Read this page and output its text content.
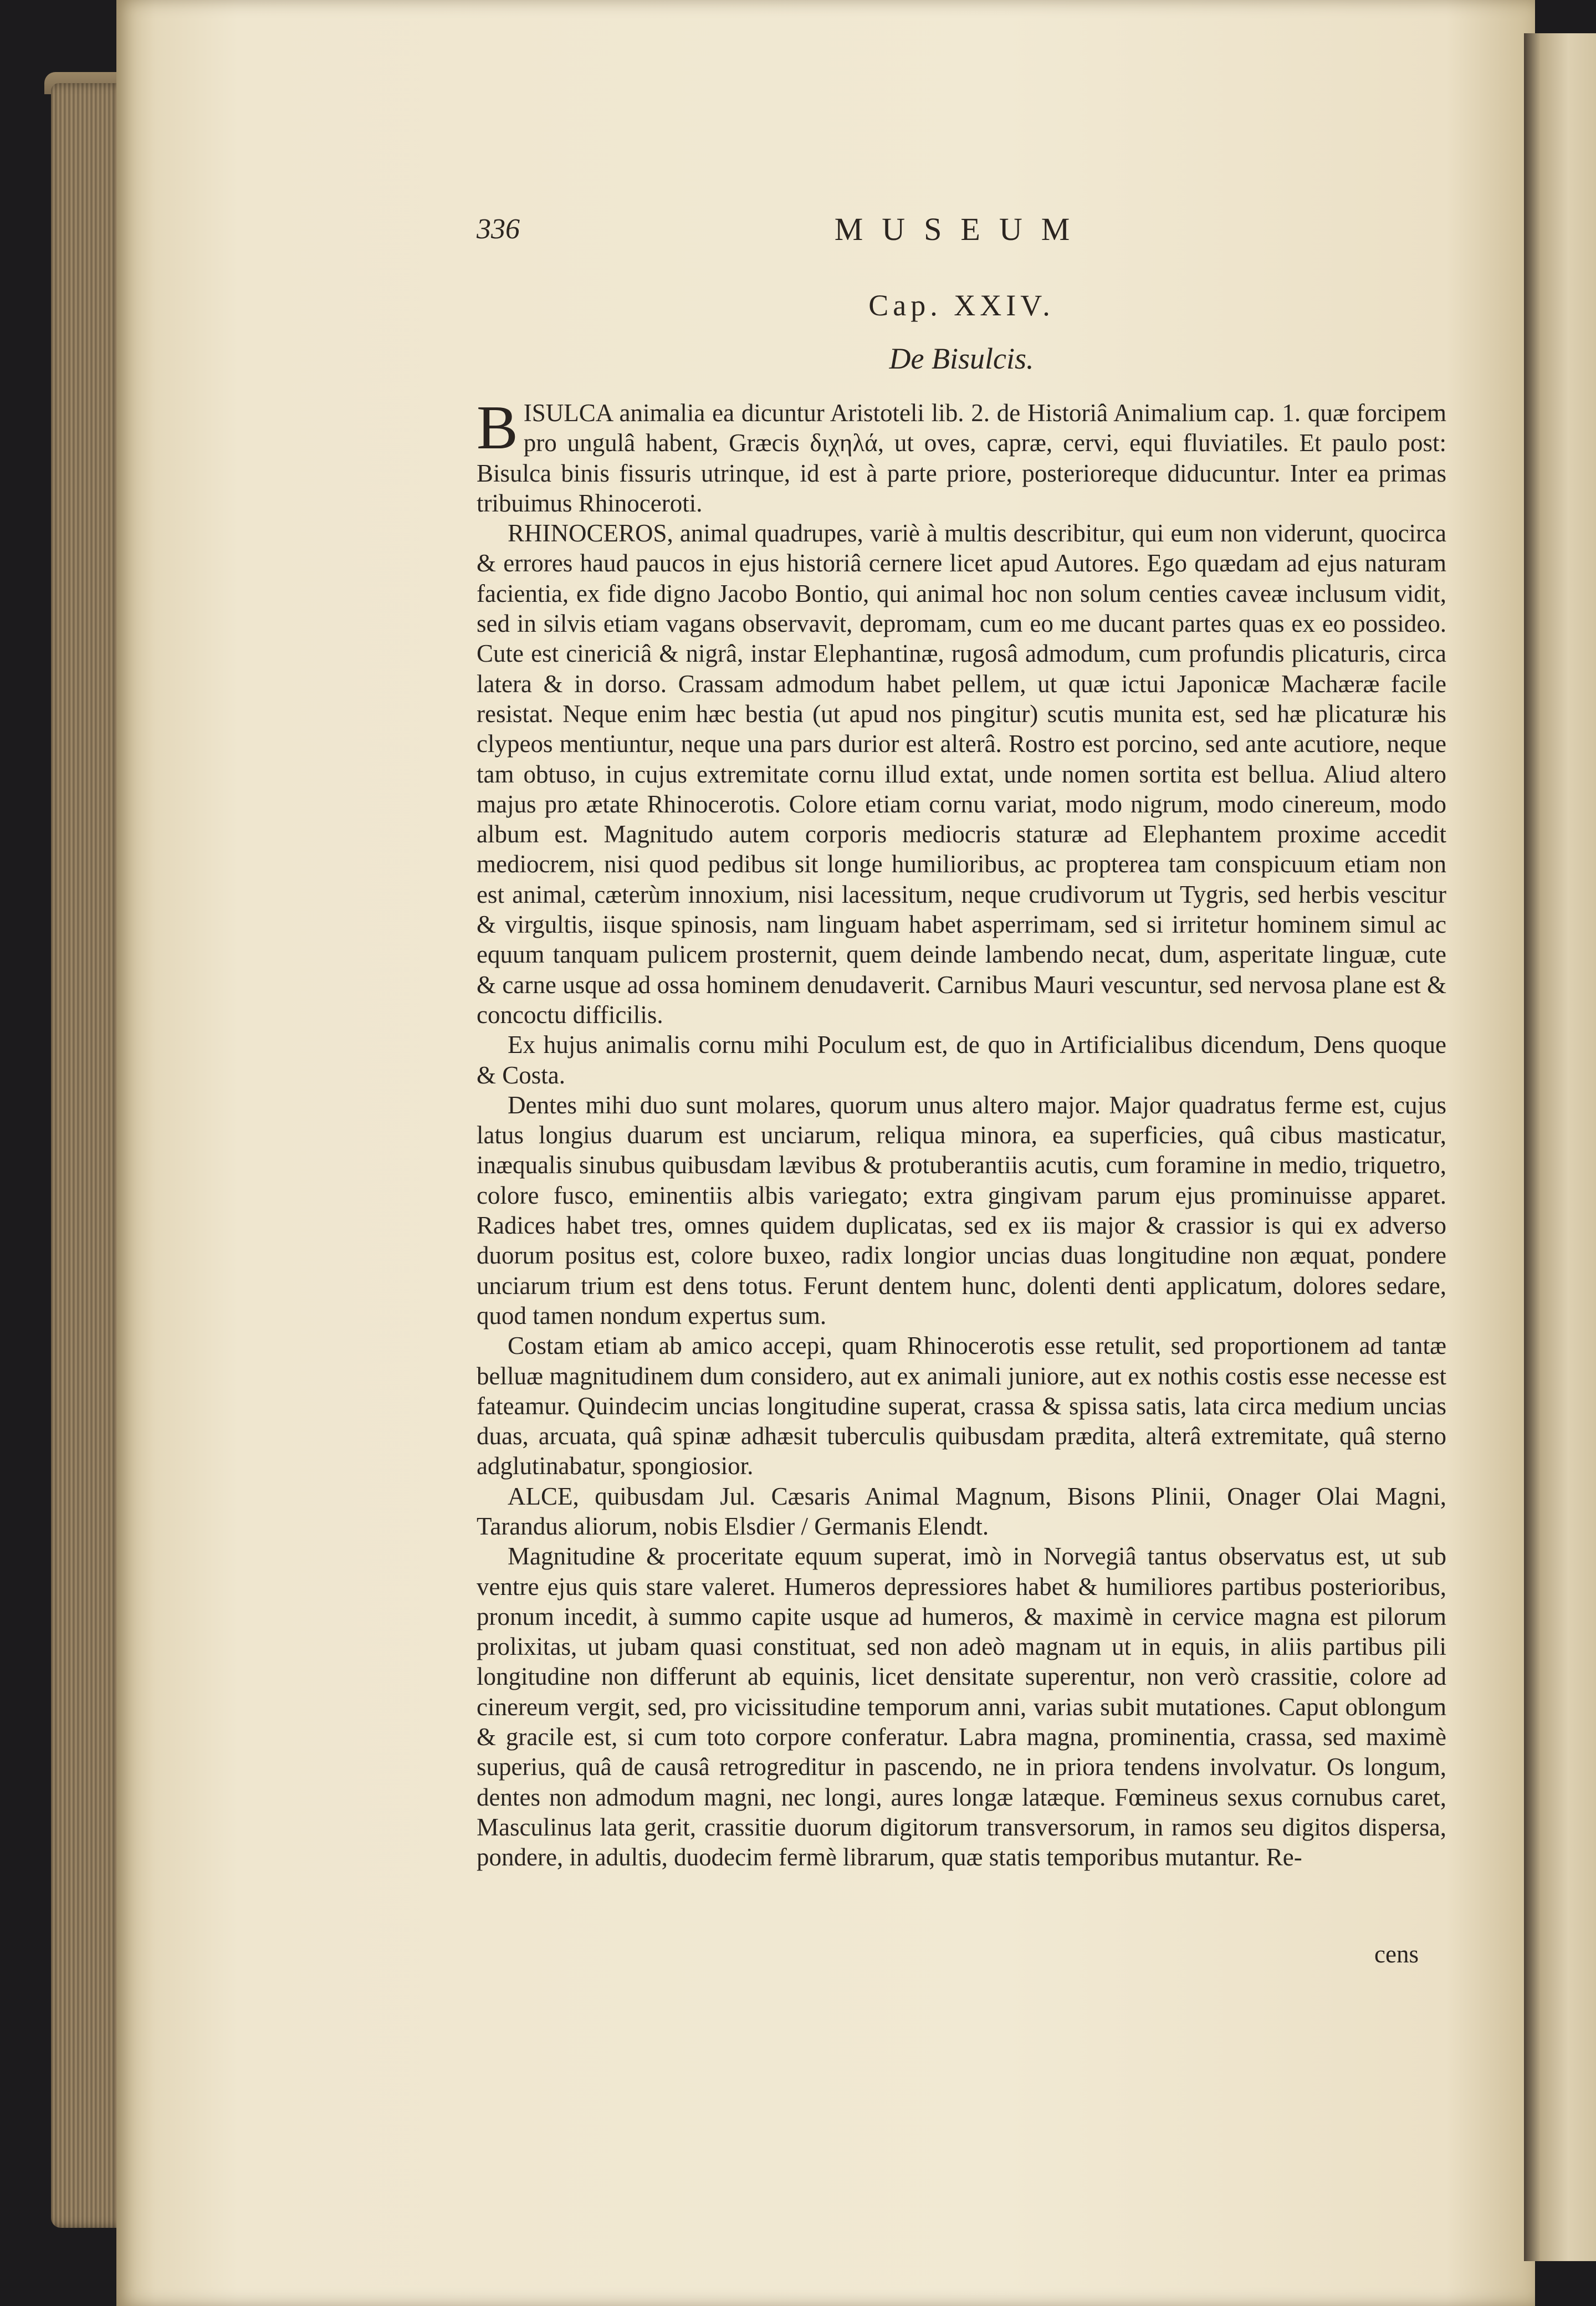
336	MUSEUM
Cap. XXIV.
De Bisulcis.

BISULCA animalia ea dicuntur Aristoteli lib. 2. de Historiâ Animalium cap. 1. quæ forcipem pro ungulâ habent, Græcis διχηλά, ut oves, capræ, cervi, equi fluviatiles. Et paulo post: Bisulca binis fissuris utrinque, id est à parte priore, posterioreque diducuntur. Inter ea primas tribuimus Rhinoceroti.

RHINOCEROS, animal quadrupes, variè à multis describitur, qui eum non viderunt, quocirca & errores haud paucos in ejus historiâ cernere licet apud Autores. Ego quædam ad ejus naturam facientia, ex fide digno Jacobo Bontio, qui animal hoc non solum centies caveæ inclusum vidit, sed in silvis etiam vagans observavit, depromam, cum eo me ducant partes quas ex eo possideo. Cute est cinericiâ & nigrâ, instar Elephantinæ, rugosâ admodum, cum profundis plicaturis, circa latera & in dorso. Crassam admodum habet pellem, ut quæ ictui Japonicæ Machæræ facile resistat. Neque enim hæc bestia (ut apud nos pingitur) scutis munita est, sed hæ plicaturæ his clypeos mentiuntur, neque una pars durior est alterâ. Rostro est porcino, sed ante acutiore, neque tam obtuso, in cujus extremitate cornu illud extat, unde nomen sortita est bellua. Aliud altero majus pro ætate Rhinocerotis. Colore etiam cornu variat, modo nigrum, modo cinereum, modo album est. Magnitudo autem corporis mediocris staturæ ad Elephantem proxime accedit mediocrem, nisi quod pedibus sit longe humilioribus, ac propterea tam conspicuum etiam non est animal, cæterùm innoxium, nisi lacessitum, neque crudivorum ut Tygris, sed herbis vescitur & virgultis, iisque spinosis, nam linguam habet asperrimam, sed si irritetur hominem simul ac equum tanquam pulicem prosternit, quem deinde lambendo necat, dum, asperitate linguæ, cute & carne usque ad ossa hominem denudaverit. Carnibus Mauri vescuntur, sed nervosa plane est & concoctu difficilis.

Ex hujus animalis cornu mihi Poculum est, de quo in Artificialibus dicendum, Dens quoque & Costa.

Dentes mihi duo sunt molares, quorum unus altero major. Major quadratus ferme est, cujus latus longius duarum est unciarum, reliqua minora, ea superficies, quâ cibus masticatur, inæqualis sinubus quibusdam lævibus & protuberantiis acutis, cum foramine in medio, triquetro, colore fusco, eminentiis albis variegato; extra gingivam parum ejus prominuisse apparet. Radices habet tres, omnes quidem duplicatas, sed ex iis major & crassior is qui ex adverso duorum positus est, colore buxeo, radix longior uncias duas longitudine non æquat, pondere unciarum trium est dens totus. Ferunt dentem hunc, dolenti denti applicatum, dolores sedare, quod tamen nondum expertus sum.

Costam etiam ab amico accepi, quam Rhinocerotis esse retulit, sed proportionem ad tantæ belluæ magnitudinem dum considero, aut ex animali juniore, aut ex nothis costis esse necesse est fateamur. Quindecim uncias longitudine superat, crassa & spissa satis, lata circa medium uncias duas, arcuata, quâ spinæ adhæsit tuberculis quibusdam prædita, alterâ extremitate, quâ sterno adglutinabatur, spongiosior.

ALCE, quibusdam Jul. Cæsaris Animal Magnum, Bisons Plinii, Onager Olai Magni, Tarandus aliorum, nobis Elsdier / Germanis Elendt.

Magnitudine & proceritate equum superat, imò in Norvegiâ tantus observatus est, ut sub ventre ejus quis stare valeret. Humeros depressiores habet & humiliores partibus posterioribus, pronum incedit, à summo capite usque ad humeros, & maximè in cervice magna est pilorum prolixitas, ut jubam quasi constituat, sed non adeò magnam ut in equis, in aliis partibus pili longitudine non differunt ab equinis, licet densitate superentur, non verò crassitie, colore ad cinereum vergit, sed, pro vicissitudine temporum anni, varias subit mutationes. Caput oblongum & gracile est, si cum toto corpore conferatur. Labra magna, prominentia, crassa, sed maximè superius, quâ de causâ retrogreditur in pascendo, ne in priora tendens involvatur. Os longum, dentes non admodum magni, nec longi, aures longæ latæque. Fœmineus sexus cornubus caret, Masculinus lata gerit, crassitie duorum digitorum transversorum, in ramos seu digitos dispersa, pondere, in adultis, duodecim fermè librarum, quæ statis temporibus mutantur. Re-

cens
